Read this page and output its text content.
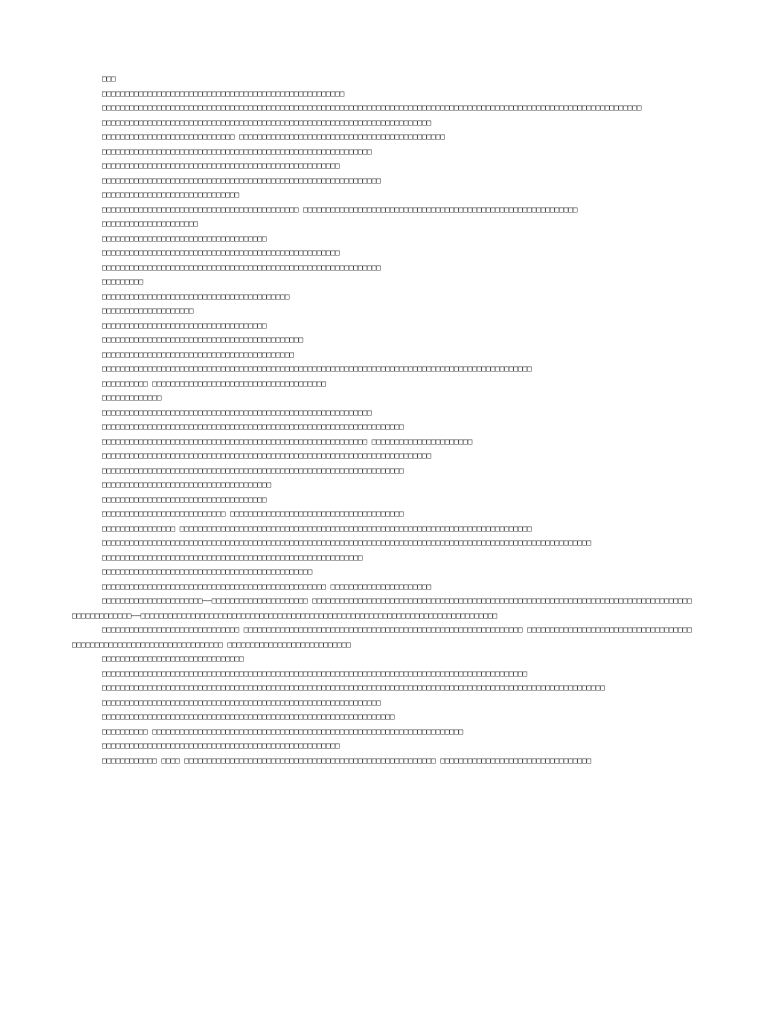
□□□

□□□□□□□□□□□□□□□□□□□□□□□□□□□□□□□□□□□□□□□□□□□□□□□□□□□□□

□□□□□□□□□□□□□□□□□□□□□□□□□□□□□□□□□□□□□□□□□□□□□□□□□□□□□□□□□□□□□□□□□□□□□□□□□□□□□□□□□□□□□□□□□□□□□□□□□□□□□□□□□□□□□□□□□□□□□□

□□□□□□□□□□□□□□□□□□□□□□□□□□□□□□□□□□□□□□□□□□□□□□□□□□□□□□□□□□□□□□□□□□□□□□□□

□□□□□□□□□□□□□□□□□□□□□□□□□□□□□ □□□□□□□□□□□□□□□□□□□□□□□□□□□□□□□□□□□□□□□□□□□□□

□□□□□□□□□□□□□□□□□□□□□□□□□□□□□□□□□□□□□□□□□□□□□□□□□□□□□□□□□□□

□□□□□□□□□□□□□□□□□□□□□□□□□□□□□□□□□□□□□□□□□□□□□□□□□□□□

□□□□□□□□□□□□□□□□□□□□□□□□□□□□□□□□□□□□□□□□□□□□□□□□□□□□□□□□□□□□□

□□□□□□□□□□□□□□□□□□□□□□□□□□□□□□

□□□□□□□□□□□□□□□□□□□□□□□□□□□□□□□□□□□□□□□□□□□ □□□□□□□□□□□□□□□□□□□□□□□□□□□□□□□□□□□□□□□□□□□□□□□□□□□□□□□□□□□□

□□□□□□□□□□□□□□□□□□□□□

□□□□□□□□□□□□□□□□□□□□□□□□□□□□□□□□□□□□

□□□□□□□□□□□□□□□□□□□□□□□□□□□□□□□□□□□□□□□□□□□□□□□□□□□□

□□□□□□□□□□□□□□□□□□□□□□□□□□□□□□□□□□□□□□□□□□□□□□□□□□□□□□□□□□□□□

□□□□□□□□□

□□□□□□□□□□□□□□□□□□□□□□□□□□□□□□□□□□□□□□□□□

□□□□□□□□□□□□□□□□□□□□

□□□□□□□□□□□□□□□□□□□□□□□□□□□□□□□□□□□□

□□□□□□□□□□□□□□□□□□□□□□□□□□□□□□□□□□□□□□□□□□□□

□□□□□□□□□□□□□□□□□□□□□□□□□□□□□□□□□□□□□□□□□□

□□□□□□□□□□□□□□□□□□□□□□□□□□□□□□□□□□□□□□□□□□□□□□□□□□□□□□□□□□□□□□□□□□□□□□□□□□□□□□□□□□□□□□□□□□□□□□

□□□□□□□□□□ □□□□□□□□□□□□□□□□□□□□□□□□□□□□□□□□□□□□□□

□□□□□□□□□□□□□

□□□□□□□□□□□□□□□□□□□□□□□□□□□□□□□□□□□□□□□□□□□□□□□□□□□□□□□□□□□

□□□□□□□□□□□□□□□□□□□□□□□□□□□□□□□□□□□□□□□□□□□□□□□□□□□□□□□□□□□□□□□□□□

□□□□□□□□□□□□□□□□□□□□□□□□□□□□□□□□□□□□□□□□□□□□□□□□□□□□□□□□□□ □□□□□□□□□□□□□□□□□□□□□□

□□□□□□□□□□□□□□□□□□□□□□□□□□□□□□□□□□□□□□□□□□□□□□□□□□□□□□□□□□□□□□□□□□□□□□□□

□□□□□□□□□□□□□□□□□□□□□□□□□□□□□□□□□□□□□□□□□□□□□□□□□□□□□□□□□□□□□□□□□□

□□□□□□□□□□□□□□□□□□□□□□□□□□□□□□□□□□□□□

□□□□□□□□□□□□□□□□□□□□□□□□□□□□□□□□□□□□

□□□□□□□□□□□□□□□□□□□□□□□□□□□ □□□□□□□□□□□□□□□□□□□□□□□□□□□□□□□□□□□□□□

□□□□□□□□□□□□□□□□ □□□□□□□□□□□□□□□□□□□□□□□□□□□□□□□□□□□□□□□□□□□□□□□□□□□□□□□□□□□□□□□□□□□□□□□□□□□□□

□□□□□□□□□□□□□□□□□□□□□□□□□□□□□□□□□□□□□□□□□□□□□□□□□□□□□□□□□□□□□□□□□□□□□□□□□□□□□□□□□□□□□□□□□□□□□□□□□□□□□□□□□□□

□□□□□□□□□□□□□□□□□□□□□□□□□□□□□□□□□□□□□□□□□□□□□□□□□□□□□□□□□

□□□□□□□□□□□□□□□□□□□□□□□□□□□□□□□□□□□□□□□□□□□□□□

□□□□□□□□□□□□□□□□□□□□□□□□□□□□□□□□□□□□□□□□□□□□□□□□□ □□□□□□□□□□□□□□□□□□□□□□

□□□□□□□□□□□□□□□□□□□□□□——□□□□□□□□□□□□□□□□□□□□□ □□□□□□□□□□□□□□□□□□□□□□□□□□□□□□□□□□□□□□□□□□□□□□□□□□□□□□□□□□□□□□□□□□□□□□□□□□□□□□□□□□□□□□□□□□□□□□□□——□□□□□□□□□□□□□□□□□□□□□□□□□□□□□□□□□□□□□□□□□□□□□□□□□□□□□□□□□□□□□□□□□□□□□□□□□□□□□□

□□□□□□□□□□□□□□□□□□□□□□□□□□□□□□ □□□□□□□□□□□□□□□□□□□□□□□□□□□□□□□□□□□□□□□□□□□□□□□□□□□□□□□□□□□□□ □□□□□□□□□□□□□□□□□□□□□□□□□□□□□□□□□□□□□□□□□□□□□□□□□□□□□□□□□□□□□□□□□□□□□ □□□□□□□□□□□□□□□□□□□□□□□□□□□

□□□□□□□□□□□□□□□□□□□□□□□□□□□□□□□

□□□□□□□□□□□□□□□□□□□□□□□□□□□□□□□□□□□□□□□□□□□□□□□□□□□□□□□□□□□□□□□□□□□□□□□□□□□□□□□□□□□□□□□□□□□□□

□□□□□□□□□□□□□□□□□□□□□□□□□□□□□□□□□□□□□□□□□□□□□□□□□□□□□□□□□□□□□□□□□□□□□□□□□□□□□□□□□□□□□□□□□□□□□□□□□□□□□□□□□□□□□□

□□□□□□□□□□□□□□□□□□□□□□□□□□□□□□□□□□□□□□□□□□□□□□□□□□□□□□□□□□□□□

□□□□□□□□□□□□□□□□□□□□□□□□□□□□□□□□□□□□□□□□□□□□□□□□□□□□□□□□□□□□□□□□

□□□□□□□□□□ □□□□□□□□□□□□□□□□□□□□□□□□□□□□□□□□□□□□□□□□□□□□□□□□□□□□□□□□□□□□□□□□□□□□

□□□□□□□□□□□□□□□□□□□□□□□□□□□□□□□□□□□□□□□□□□□□□□□□□□□□

□□□□□□□□□□□□ □□□□ □□□□□□□□□□□□□□□□□□□□□□□□□□□□□□□□□□□□□□□□□□□□□□□□□□□□□□□ □□□□□□□□□□□□□□□□□□□□□□□□□□□□□□□□□
